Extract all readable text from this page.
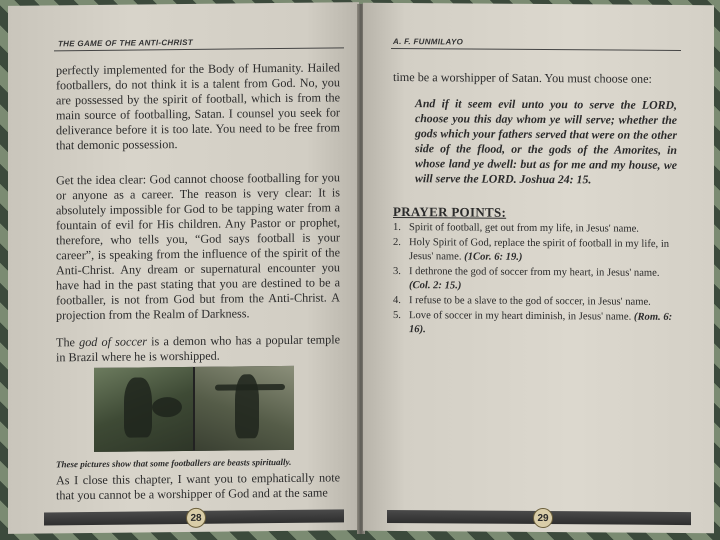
THE GAME OF THE ANTI-CHRIST

perfectly implemented for the Body of Humanity. Hailed footballers, do not think it is a talent from God. No, you are possessed by the spirit of football, which is from the main source of footballing, Satan. I counsel you seek for deliverance before it is too late. You need to be free from that demonic possession.

Get the idea clear: God cannot choose footballing for you or anyone as a career. The reason is very clear: It is absolutely impossible for God to be tapping water from a fountain of evil for His children. Any Pastor or prophet, therefore, who tells you, “God says football is your career”, is speaking from the influence of the spirit of the Anti-Christ. Any dream or supernatural encounter you have had in the past stating that you are destined to be a footballer, is not from God but from the Anti-Christ. A projection from the Realm of Darkness.

The god of soccer is a demon who has a popular temple in Brazil where he is worshipped.

These pictures show that some footballers are beasts spiritually.

As I close this chapter, I want you to emphatically note that you cannot be a worshipper of God and at the same

28
A. F. FUNMILAYO

time be a worshipper of Satan. You must choose one:

And if it seem evil unto you to serve the LORD, choose you this day whom ye will serve; whether the gods which your fathers served that were on the other side of the flood, or the gods of the Amorites, in whose land ye dwell: but as for me and my house, we will serve the LORD. Joshua 24: 15.

PRAYER POINTS:
1. Spirit of football, get out from my life, in Jesus' name.
2. Holy Spirit of God, replace the spirit of football in my life, in Jesus' name. (1Cor. 6: 19.)
3. I dethrone the god of soccer from my heart, in Jesus' name. (Col. 2: 15.)
4. I refuse to be a slave to the god of soccer, in Jesus' name.
5. Love of soccer in my heart diminish, in Jesus' name. (Rom. 6: 16).
29
